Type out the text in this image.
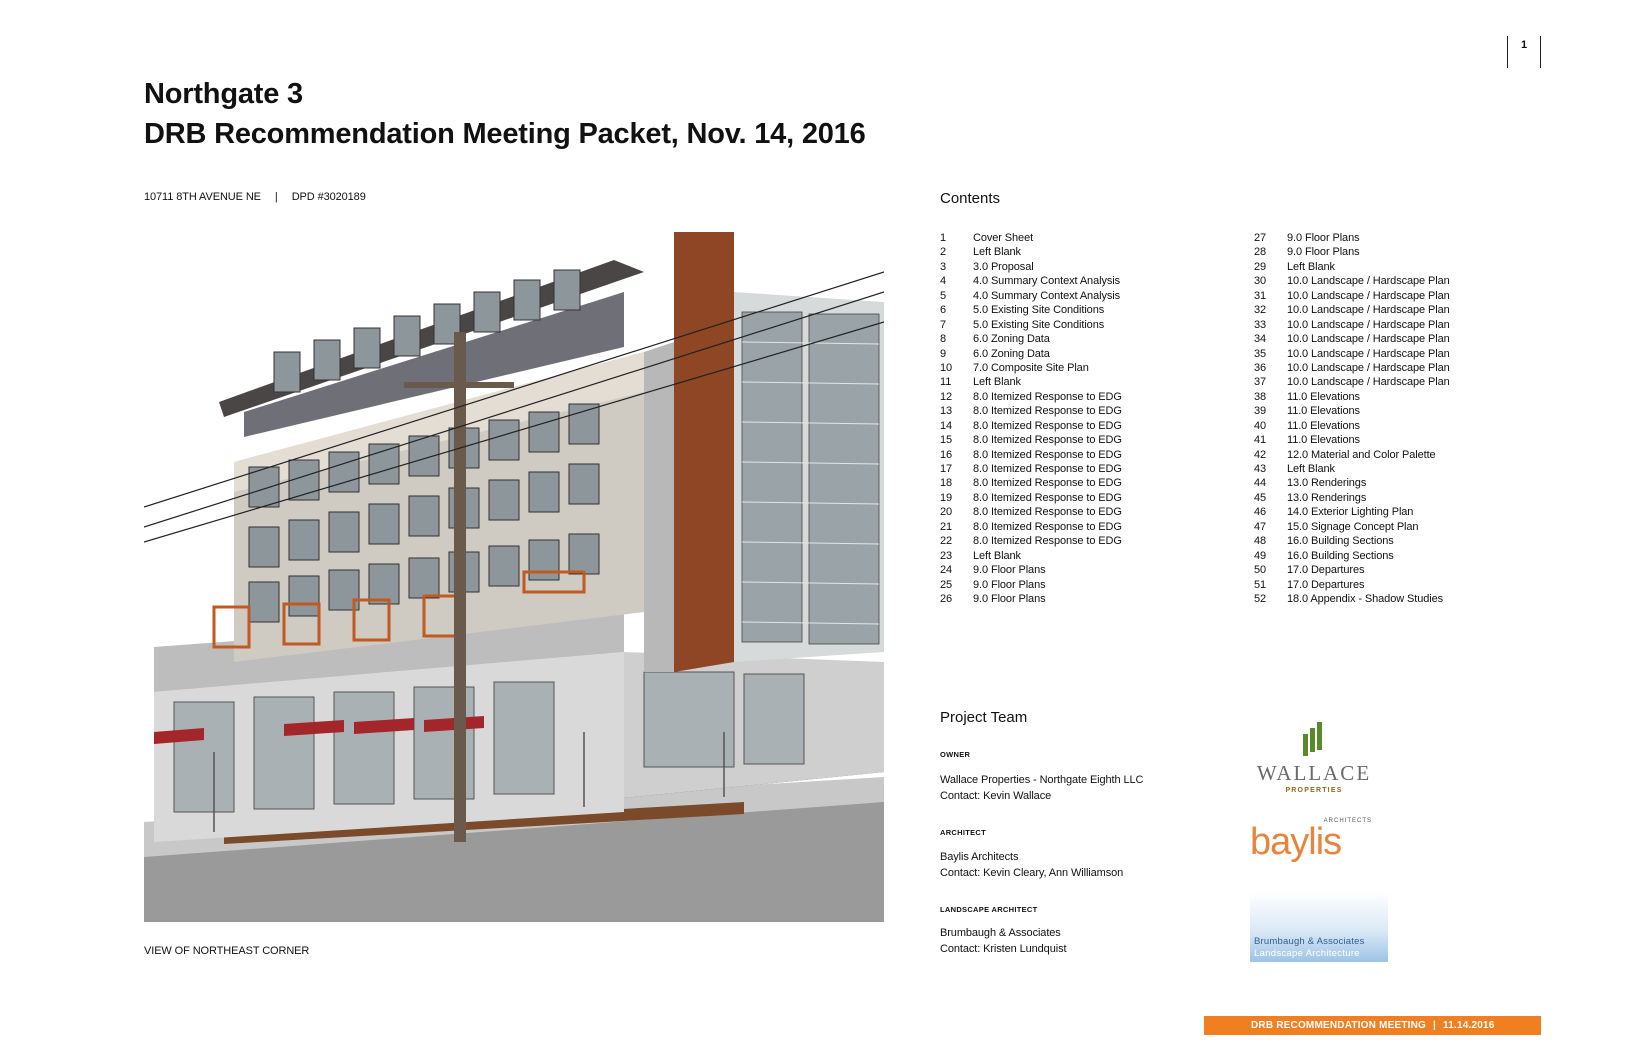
1
Northgate 3
DRB Recommendation Meeting Packet, Nov. 14, 2016
10711 8TH AVENUE NE | DPD #3020189
VIEW OF NORTHEAST CORNER
Contents
1	Cover Sheet
2	Left Blank
3	3.0 Proposal
4	4.0 Summary Context Analysis
5	4.0 Summary Context Analysis
6	5.0 Existing Site Conditions
7	5.0 Existing Site Conditions
8	6.0 Zoning Data
9	6.0 Zoning Data
10	7.0 Composite Site Plan
11	Left Blank
12	8.0 Itemized Response to EDG
13	8.0 Itemized Response to EDG
14	8.0 Itemized Response to EDG
15	8.0 Itemized Response to EDG
16	8.0 Itemized Response to EDG
17	8.0 Itemized Response to EDG
18	8.0 Itemized Response to EDG
19	8.0 Itemized Response to EDG
20	8.0 Itemized Response to EDG
21	8.0 Itemized Response to EDG
22	8.0 Itemized Response to EDG
23	Left Blank
24	9.0 Floor Plans
25	9.0 Floor Plans
26	9.0 Floor Plans
27	9.0 Floor Plans
28	9.0 Floor Plans
29	Left Blank
30	10.0 Landscape / Hardscape Plan
31	10.0 Landscape / Hardscape Plan
32	10.0 Landscape / Hardscape Plan
33	10.0 Landscape / Hardscape Plan
34	10.0 Landscape / Hardscape Plan
35	10.0 Landscape / Hardscape Plan
36	10.0 Landscape / Hardscape Plan
37	10.0 Landscape / Hardscape Plan
38	11.0 Elevations
39	11.0 Elevations
40	11.0 Elevations
41	11.0 Elevations
42	12.0 Material and Color Palette
43	Left Blank
44	13.0 Renderings
45	13.0 Renderings
46	14.0 Exterior Lighting Plan
47	15.0 Signage Concept Plan
48	16.0 Building Sections
49	16.0 Building Sections
50	17.0 Departures
51	17.0 Departures
52	18.0 Appendix - Shadow Studies
Project Team
OWNER
Wallace Properties - Northgate Eighth LLC
Contact: Kevin Wallace
ARCHITECT
Baylis Architects
Contact: Kevin Cleary, Ann Williamson
LANDSCAPE ARCHITECT
Brumbaugh & Associates
Contact: Kristen Lundquist
WALLACE
PROPERTIES
ARCHITECTS
baylis
Brumbaugh & Associates
Landscape Architecture
DRB RECOMMENDATION MEETING | 11.14.2016
